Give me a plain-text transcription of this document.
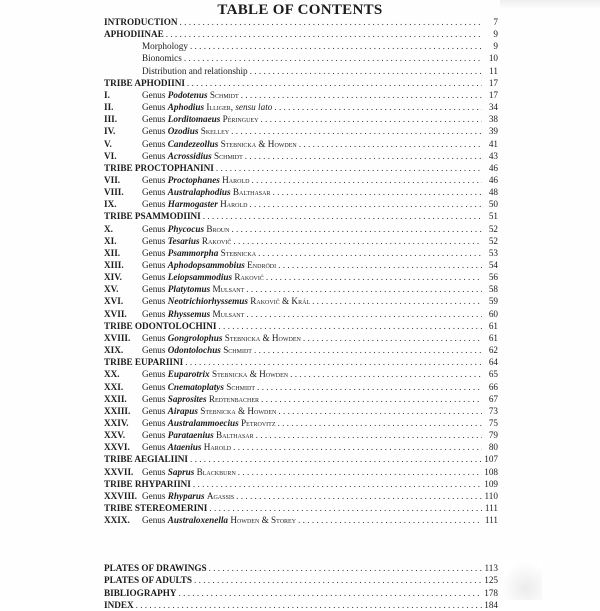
TABLE OF CONTENTS
INTRODUCTION . . .	7
APHODIINAE . . .	9
Morphology . . .	9
Bionomics . . .	10
Distribution and relationship . . .	11
TRIBE APHODIINI . . .	17
I.	Genus Podotenus Schmidt . . .	17
II.	Genus Aphodius Illiger, sensu lato . . .	34
III.	Genus Lorditomaeus Péringuey . . .	38
IV.	Genus Ozodius Skelley . . .	39
V.	Genus Candezeollus Stebnicka & Howden . . .	41
VI.	Genus Acrossidius Schmidt . . .	43
TRIBE PROCTOPHANINI . . .	46
VII. Genus Proctophanes Harold . . .	46
VIII. Genus Australaphodius Balthasar . . .	48
IX.	Genus Harmogaster Harold . . .	50
TRIBE PSAMMODIINI . . .	51
X.	Genus Phycocus Broun . . .	52
XI.	Genus Tesarius Rakovič . . .	52
XII. Genus Psammorpha Stebnicka . . .	53
XIII. Genus Aphodopsammobius Endrödi . . .	54
XIV. Genus Leiopsammodius Rakovič . . .	56
XV.	Genus Platytomus Mulsant . . .	58
XVI. Genus Neotrichiorhyssemus Rakovič & Král . . .	59
XVII. Genus Rhyssemus Mulsant . . .	60
TRIBE ODONTOLOCHINI . . .	61
XVIII. Genus Gongrolophus Stebnicka & Howden . . .	61
XIX. Genus Odontolochus Schmidt . . .	62
TRIBE EUPARIINI . . .	64
XX. Genus Euparotrix Stebnicka & Howden . . .	65
XXI. Genus Cnematoplatys Schmidt . . .	66
XXII. Genus Saprosites Redtenbacher . . .	67
XXIII. Genus Airapus Stebnicka & Howden . . .	73
XXIV. Genus Australammoecius Petrovitz . . .	75
XXV. Genus Parataenius Balthasar . . .	79
XXVI. Genus Ataenius Harold . . .	80
TRIBE AEGIALIINI . . .	107
XXVII. Genus Saprus Blackburn . . .	108
TRIBE RHYPARIINI . . .	109
XXVIII. Genus Rhyparus Agassis . . .	110
TRIBE STEREOMERINI . . .	111
XXIX. Genus Australoxenella Howden & Storey . . .	111
PLATES OF DRAWINGS . . .	113
PLATES OF ADULTS . . .	125
BIBLIOGRAPHY . . .	178
INDEX . . .	184
